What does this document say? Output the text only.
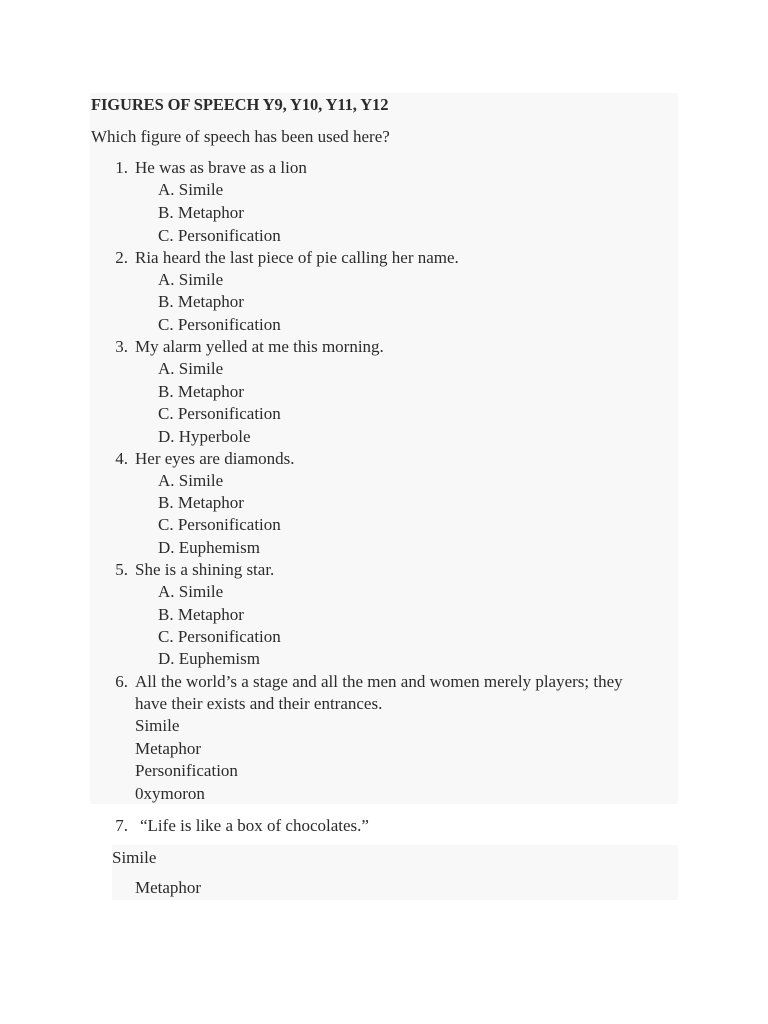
FIGURES OF SPEECH Y9, Y10, Y11, Y12
Which figure of speech has been used here?
1. He was as brave as a lion
A. Simile
B. Metaphor
C. Personification
2. Ria heard the last piece of pie calling her name.
A. Simile
B. Metaphor
C. Personification
3. My alarm yelled at me this morning.
A. Simile
B. Metaphor
C. Personification
D. Hyperbole
4. Her eyes are diamonds.
A. Simile
B. Metaphor
C. Personification
D. Euphemism
5. She is a shining star.
A. Simile
B. Metaphor
C. Personification
D. Euphemism
6. All the world’s a stage and all the men and women merely players; they
have their exists and their entrances.
Simile
Metaphor
Personification
0xymoron
7. “Life is like a box of chocolates.”
Simile
Metaphor
